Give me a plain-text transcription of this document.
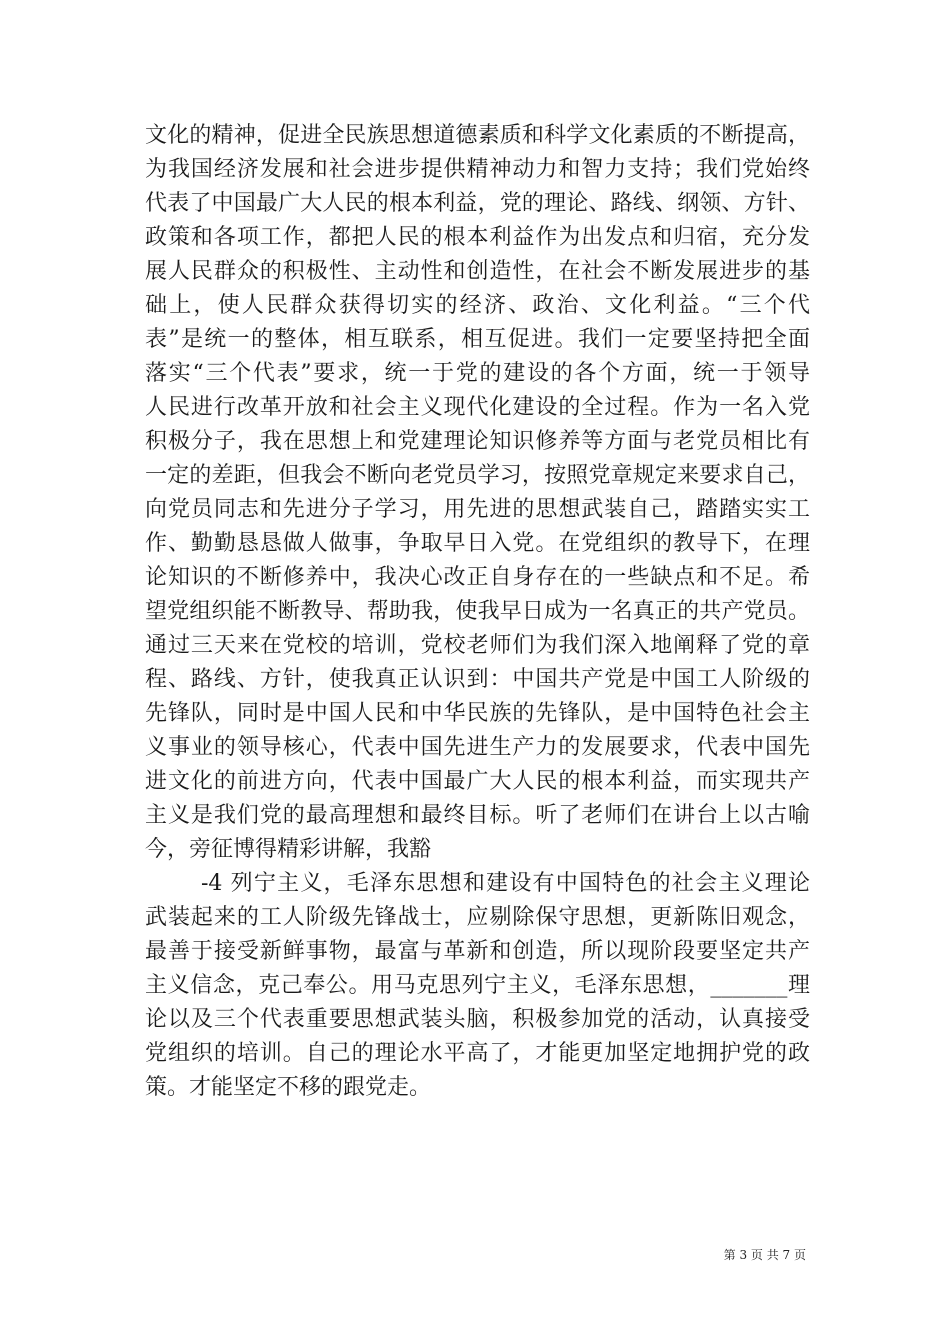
文化的精神，促进全民族思想道德素质和科学文化素质的不断提高，
为我国经济发展和社会进步提供精神动力和智力支持；我们党始终
代表了中国最广大人民的根本利益，党的理论、路线、纲领、方针、
政策和各项工作，都把人民的根本利益作为出发点和归宿，充分发
展人民群众的积极性、主动性和创造性，在社会不断发展进步的基
础上，使人民群众获得切实的经济、政治、文化利益。“三个代
表”是统一的整体，相互联系，相互促进。我们一定要坚持把全面
落实“三个代表”要求，统一于党的建设的各个方面，统一于领导
人民进行改革开放和社会主义现代化建设的全过程。作为一名入党
积极分子，我在思想上和党建理论知识修养等方面与老党员相比有
一定的差距，但我会不断向老党员学习，按照党章规定来要求自己，
向党员同志和先进分子学习，用先进的思想武装自己，踏踏实实工
作、勤勤恳恳做人做事，争取早日入党。在党组织的教导下，在理
论知识的不断修养中，我决心改正自身存在的一些缺点和不足。希
望党组织能不断教导、帮助我，使我早日成为一名真正的共产党员。
通过三天来在党校的培训，党校老师们为我们深入地阐释了党的章
程、路线、方针，使我真正认识到：中国共产党是中国工人阶级的
先锋队，同时是中国人民和中华民族的先锋队，是中国特色社会主
义事业的领导核心，代表中国先进生产力的发展要求，代表中国先
进文化的前进方向，代表中国最广大人民的根本利益，而实现共产
主义是我们党的最高理想和最终目标。听了老师们在讲台上以古喻
今，旁征博得精彩讲解，我豁
-4 列宁主义，毛泽东思想和建设有中国特色的社会主义理论
武装起来的工人阶级先锋战士，应剔除保守思想，更新陈旧观念，
最善于接受新鲜事物，最富与革新和创造，所以现阶段要坚定共产
主义信念，克己奉公。用马克思列宁主义，毛泽东思想，_______理
论以及三个代表重要思想武装头脑，积极参加党的活动，认真接受
党组织的培训。自己的理论水平高了，才能更加坚定地拥护党的政
策。才能坚定不移的跟党走。
第 3 页 共 7 页
